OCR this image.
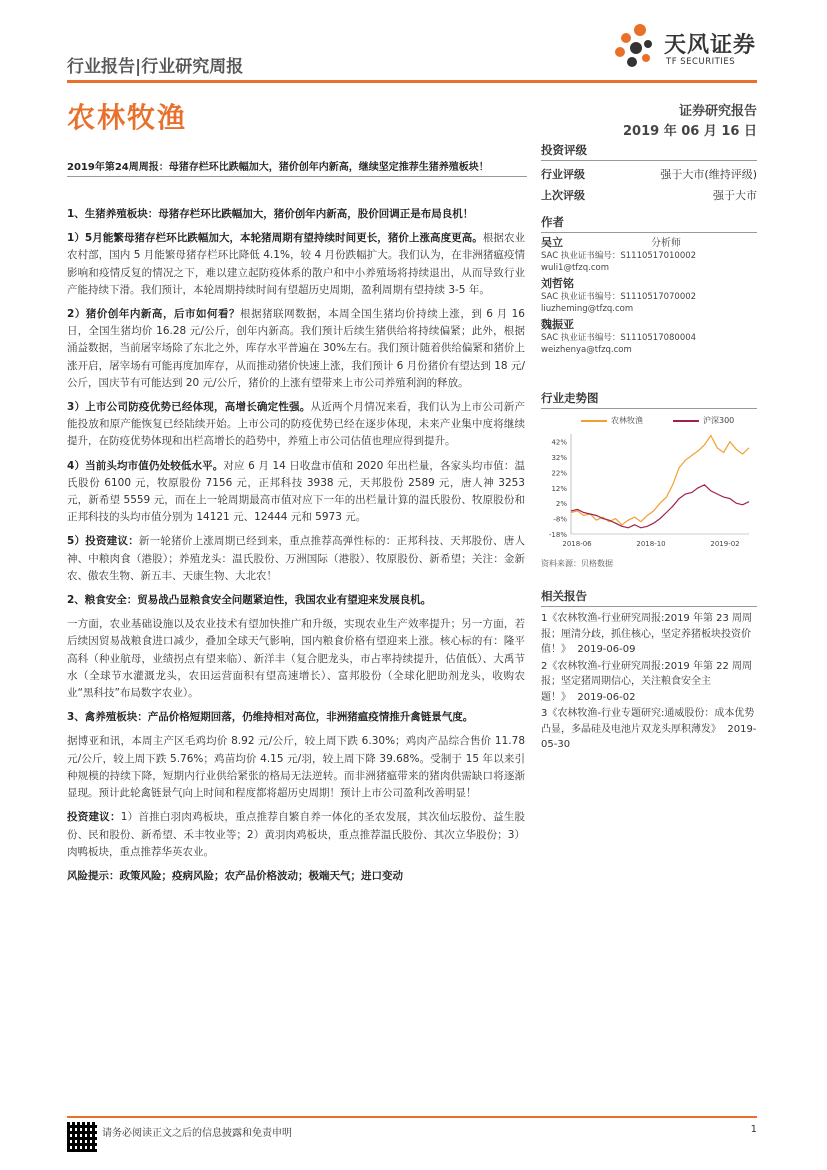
行业报告|行业研究周报
天风证券
TF SECURITIES
农林牧渔	证券研究报告
2019 年 06 月 16 日
2019年第24周周报：母猪存栏环比跌幅加大，猪价创年内新高，继续坚定推荐生猪养殖板块！

1、生猪养殖板块：母猪存栏环比跌幅加大，猪价创年内新高，股价回调正是布局良机！

1）5月能繁母猪存栏环比跌幅加大，本轮猪周期有望持续时间更长，猪价上涨高度更高。根据农业农村部，国内 5 月能繁母猪存栏环比降低 4.1%，较 4 月份跌幅扩大。我们认为，在非洲猪瘟疫情影响和疫情反复的情况之下，难以建立起防疫体系的散户和中小养殖场将持续退出，从而导致行业产能持续下滑。我们预计，本轮周期持续时间有望超历史周期，盈利周期有望持续 3-5 年。

2）猪价创年内新高，后市如何看？根据猪联网数据，本周全国生猪均价持续上涨，到 6 月 16 日，全国生猪均价 16.28 元/公斤，创年内新高。我们预计后续生猪供给将持续偏紧；此外，根据涌益数据，当前屠宰场除了东北之外，库存水平普遍在 30%左右。我们预计随着供给偏紧和猪价上涨开启，屠宰场有可能再度加库存，从而推动猪价快速上涨，我们预计 6 月份猪价有望达到 18 元/公斤，国庆节有可能达到 20 元/公斤，猪价的上涨有望带来上市公司养殖利润的释放。

3）上市公司防疫优势已经体现，高增长确定性强。从近两个月情况来看，我们认为上市公司新产能投放和原产能恢复已经陆续开始。上市公司的防疫优势已经在逐步体现，未来产业集中度将继续提升，在防疫优势体现和出栏高增长的趋势中，养殖上市公司估值也理应得到提升。

4）当前头均市值仍处较低水平。对应 6 月 14 日收盘市值和 2020 年出栏量，各家头均市值：温氏股份 6100 元，牧原股份 7156 元，正邦科技 3938 元，天邦股份 2589 元，唐人神 3253 元，新希望 5559 元，而在上一轮周期最高市值对应下一年的出栏量计算的温氏股份、牧原股份和正邦科技的头均市值分别为 14121 元、12444 元和 5973 元。

5）投资建议：新一轮猪价上涨周期已经到来，重点推荐高弹性标的：正邦科技、天邦股份、唐人神、中粮肉食（港股）；养殖龙头：温氏股份、万洲国际（港股）、牧原股份、新希望；关注：金新农、傲农生物、新五丰、天康生物、大北农！

2、粮食安全：贸易战凸显粮食安全问题紧迫性，我国农业有望迎来发展良机。

一方面，农业基础设施以及农业技术有望加快推广和升级，实现农业生产效率提升；另一方面，若后续因贸易战粮食进口减少，叠加全球天气影响，国内粮食价格有望迎来上涨。核心标的有：隆平高科（种业航母，业绩拐点有望来临）、新洋丰（复合肥龙头，市占率持续提升，估值低）、大禹节水（全球节水灌溉龙头，农田运营面积有望高速增长）、富邦股份（全球化肥助剂龙头，收购农业“黑科技”布局数字农业）。

3、禽养殖板块：产品价格短期回落，仍维持相对高位，非洲猪瘟疫情推升禽链景气度。

据博亚和讯，本周主产区毛鸡均价 8.92 元/公斤，较上周下跌 6.30%；鸡肉产品综合售价 11.78 元/公斤，较上周下跌 5.76%；鸡苗均价 4.15 元/羽，较上周下降 39.68%。受制于 15 年以来引种规模的持续下降，短期内行业供给紧张的格局无法逆转。而非洲猪瘟带来的猪肉供需缺口将逐渐显现。预计此轮禽链景气向上时间和程度都将超历史周期！预计上市公司盈利改善明显！

投资建议：1）首推白羽肉鸡板块，重点推荐自繁自养一体化的圣农发展，其次仙坛股份、益生股份、民和股份、新希望、禾丰牧业等；2）黄羽肉鸡板块，重点推荐温氏股份、其次立华股份；3）肉鸭板块，重点推荐华英农业。

风险提示：政策风险；疫病风险；农产品价格波动；极端天气；进口变动

投资评级
行业评级	强于大市(维持评级)
上次评级	强于大市
作者
吴立	分析师
SAC 执业证书编号：S1110517010002
wuli1@tfzq.com
刘哲铭
SAC 执业证书编号：S1110517070002
liuzheming@tfzq.com
魏振亚
SAC 执业证书编号：S1110517080004
weizhenya@tfzq.com
行业走势图
农林牧渔	沪深300
42%
32%
22%
12%
2%
-8%
-18%
2018-06	2018-10	2019-02
资料来源：贝格数据
相关报告

1《农林牧渔-行业研究周报:2019 年第 23 周周报；厘清分歧，抓住核心，坚定养猪板块投资价值！》 2019-06-09

2《农林牧渔-行业研究周报:2019 年第 22 周周报；坚定猪周期信心，关注粮食安全主题！》 2019-06-02

3《农林牧渔-行业专题研究:通威股份：成本优势凸显，多晶硅及电池片双龙头厚积薄发》 2019-05-30

请务必阅读正文之后的信息披露和免责申明	1
